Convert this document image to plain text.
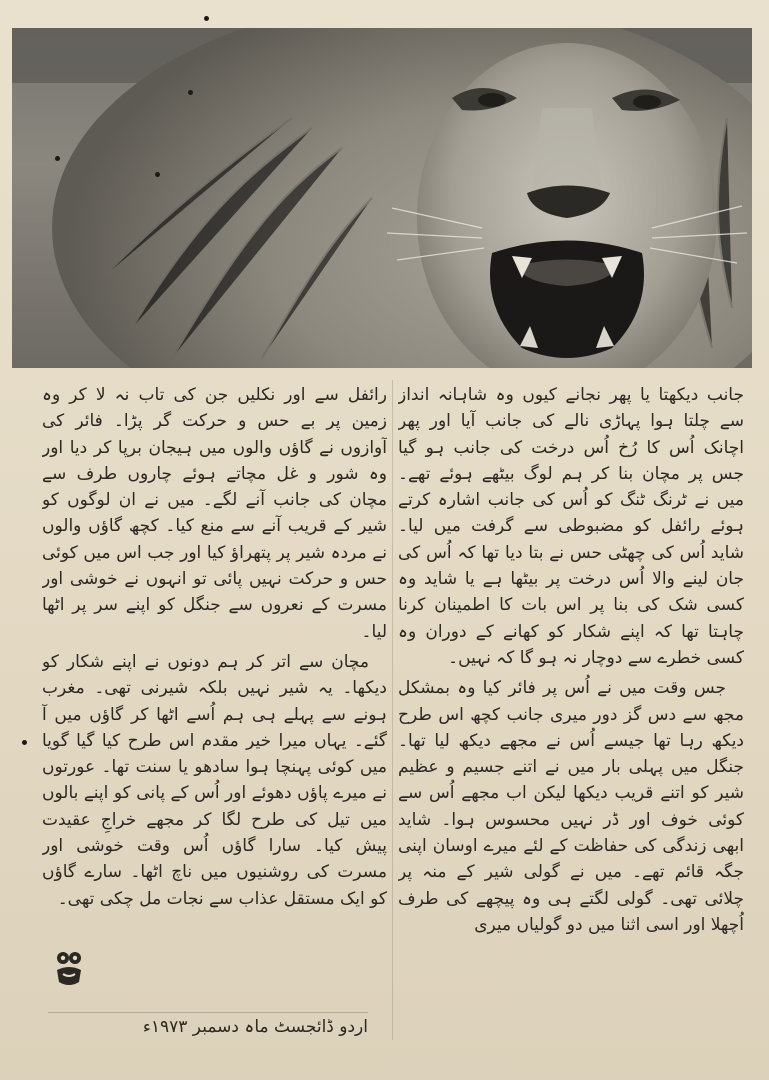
جانب دیکھتا یا پھر نجانے کیوں وہ شاہانہ انداز سے چلتا ہوا پہاڑی نالے کی جانب آیا اور پھر اچانک اُس کا رُخ اُس درخت کی جانب ہو گیا جس پر مچان بنا کر ہم لوگ بیٹھے ہوئے تھے۔ میں نے ٹرنگ ٹنگ کو اُس کی جانب اشارہ کرتے ہوئے رائفل کو مضبوطی سے گرفت میں لیا۔ شاید اُس کی چھٹی حس نے بتا دیا تھا کہ اُس کی جان لینے والا اُس درخت پر بیٹھا ہے یا شاید وہ کسی شک کی بنا پر اس بات کا اطمینان کرنا چاہتا تھا کہ اپنے شکار کو کھانے کے دوران وہ کسی خطرے سے دوچار نہ ہو گا کہ نہیں۔

جس وقت میں نے اُس پر فائر کیا وہ بمشکل مجھ سے دس گز دور میری جانب کچھ اس طرح دیکھ رہا تھا جیسے اُس نے مجھے دیکھ لیا تھا۔ جنگل میں پہلی بار میں نے اتنے جسیم و عظیم شیر کو اتنے قریب دیکھا لیکن اب مجھے اُس سے کوئی خوف اور ڈر نہیں محسوس ہوا۔ شاید ابھی زندگی کی حفاظت کے لئے میرے اوسان اپنی جگہ قائم تھے۔ میں نے گولی شیر کے منہ پر چلائی تھی۔ گولی لگتے ہی وہ پیچھے کی طرف اُچھلا اور اسی اثنا میں دو گولیاں میری

رائفل سے اور نکلیں جن کی تاب نہ لا کر وہ زمین پر بے حس و حرکت گر پڑا۔ فائر کی آوازوں نے گاؤں والوں میں ہیجان برپا کر دیا اور وہ شور و غل مچاتے ہوئے چاروں طرف سے مچان کی جانب آنے لگے۔ میں نے ان لوگوں کو شیر کے قریب آنے سے منع کیا۔ کچھ گاؤں والوں نے مردہ شیر پر پتھراؤ کیا اور جب اس میں کوئی حس و حرکت نہیں پائی تو انہوں نے خوشی اور مسرت کے نعروں سے جنگل کو اپنے سر پر اٹھا لیا۔

مچان سے اتر کر ہم دونوں نے اپنے شکار کو دیکھا۔ یہ شیر نہیں بلکہ شیرنی تھی۔ مغرب ہونے سے پہلے ہی ہم اُسے اٹھا کر گاؤں میں آ گئے۔ یہاں میرا خیر مقدم اس طرح کیا گیا گویا میں کوئی پہنچا ہوا سادھو یا سنت تھا۔ عورتوں نے میرے پاؤں دھوئے اور اُس کے پانی کو اپنے بالوں میں تیل کی طرح لگا کر مجھے خراجِ عقیدت پیش کیا۔ سارا گاؤں اُس وقت خوشی اور مسرت کی روشنیوں میں ناچ اٹھا۔ سارے گاؤں کو ایک مستقل عذاب سے نجات مل چکی تھی۔

اردو ڈائجسٹ ماہ دسمبر ۱۹۷۳ء
